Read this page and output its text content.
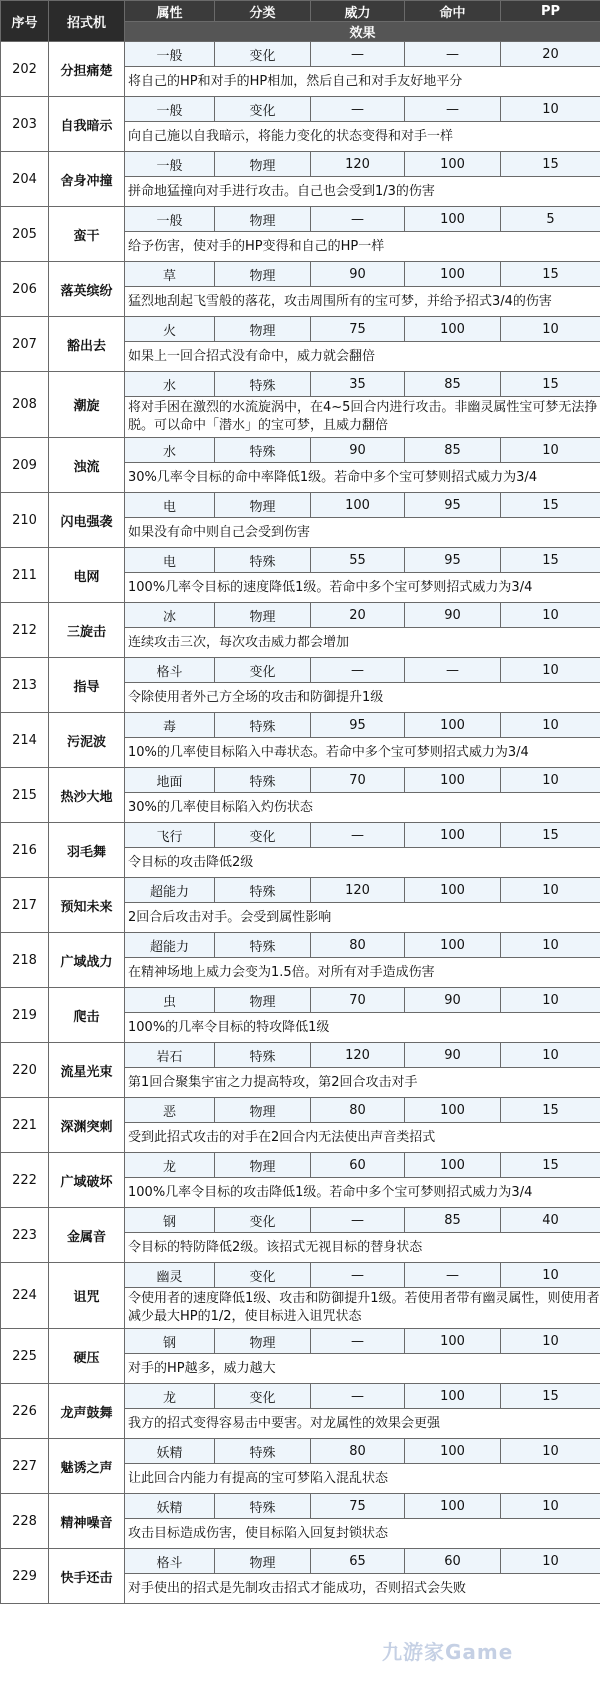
序号	招式机	属性	分类	威力	命中	PP
		效果				
202	分担痛楚	一般	变化	—	—	20
		将自己的HP和对手的HP相加，然后自己和对手友好地平分				
203	自我暗示	一般	变化	—	—	10
		向自己施以自我暗示，将能力变化的状态变得和对手一样				
204	舍身冲撞	一般	物理	120	100	15
		拼命地猛撞向对手进行攻击。自己也会受到1/3的伤害				
205	蛮干	一般	物理	—	100	5
		给予伤害，使对手的HP变得和自己的HP一样				
206	落英缤纷	草	物理	90	100	15
		猛烈地刮起飞雪般的落花，攻击周围所有的宝可梦，并给予招式3/4的伤害				
207	豁出去	火	物理	75	100	10
		如果上一回合招式没有命中，威力就会翻倍				
208	潮旋	水	特殊	35	85	15
		将对手困在激烈的水流旋涡中，在4~5回合内进行攻击。非幽灵属性宝可梦无法挣脱。可以命中「潜水」的宝可梦，且威力翻倍				
209	浊流	水	特殊	90	85	10
		30%几率令目标的命中率降低1级。若命中多个宝可梦则招式威力为3/4				
210	闪电强袭	电	物理	100	95	15
		如果没有命中则自己会受到伤害				
211	电网	电	特殊	55	95	15
		100%几率令目标的速度降低1级。若命中多个宝可梦则招式威力为3/4				
212	三旋击	冰	物理	20	90	10
		连续攻击三次，每次攻击威力都会增加				
213	指导	格斗	变化	—	—	10
		令除使用者外己方全场的攻击和防御提升1级				
214	污泥波	毒	特殊	95	100	10
		10%的几率使目标陷入中毒状态。若命中多个宝可梦则招式威力为3/4				
215	热沙大地	地面	特殊	70	100	10
		30%的几率使目标陷入灼伤状态				
216	羽毛舞	飞行	变化	—	100	15
		令目标的攻击降低2级				
217	预知未来	超能力	特殊	120	100	10
		2回合后攻击对手。会受到属性影响				
218	广域战力	超能力	特殊	80	100	10
		在精神场地上威力会变为1.5倍。对所有对手造成伤害				
219	爬击	虫	物理	70	90	10
		100%的几率令目标的特攻降低1级				
220	流星光束	岩石	特殊	120	90	10
		第1回合聚集宇宙之力提高特攻，第2回合攻击对手				
221	深渊突刺	恶	物理	80	100	15
		受到此招式攻击的对手在2回合内无法使出声音类招式				
222	广域破坏	龙	物理	60	100	15
		100%几率令目标的攻击降低1级。若命中多个宝可梦则招式威力为3/4				
223	金属音	钢	变化	—	85	40
		令目标的特防降低2级。该招式无视目标的替身状态				
224	诅咒	幽灵	变化	—	—	10
		令使用者的速度降低1级、攻击和防御提升1级。若使用者带有幽灵属性，则使用者减少最大HP的1/2，使目标进入诅咒状态				
225	硬压	钢	物理	—	100	10
		对手的HP越多，威力越大				
226	龙声鼓舞	龙	变化	—	100	15
		我方的招式变得容易击中要害。对龙属性的效果会更强				
227	魅诱之声	妖精	特殊	80	100	10
		让此回合内能力有提高的宝可梦陷入混乱状态				
228	精神噪音	妖精	特殊	75	100	10
		攻击目标造成伤害，使目标陷入回复封锁状态				
229	快手还击	格斗	物理	65	60	10
		对手使出的招式是先制攻击招式才能成功，否则招式会失败				
九游家Game
